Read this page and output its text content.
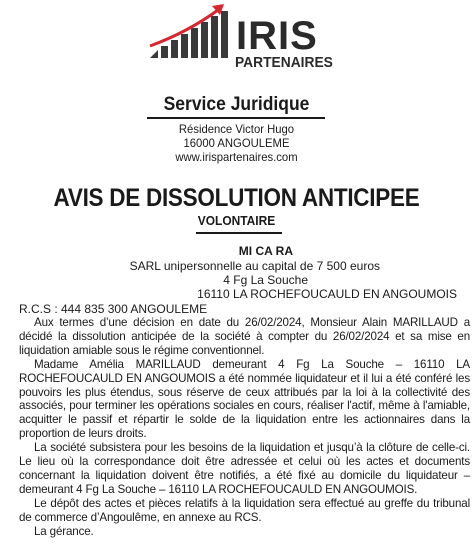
IRIS
PARTENAIRES
Service Juridique
Résidence Victor Hugo
16000 ANGOULEME
www.irispartenaires.com
AVIS DE DISSOLUTION ANTICIPEE
VOLONTAIRE
MI CA RA
SARL unipersonnelle au capital de 7 500 euros
4 Fg La Souche
16110 LA ROCHEFOUCAULD EN ANGOUMOIS
R.C.S : 444 835 300 ANGOULEME

Aux termes d’une décision en date du 26/02/2024, Monsieur Alain MARILLAUD a décidé la dissolution anticipée de la société à compter du 26/02/2024 et sa mise en liquidation amiable sous le régime conventionnel.

Madame Amélia MARILLAUD demeurant 4 Fg La Souche – 16110 LA ROCHEFOUCAULD EN ANGOUMOIS a été nommée liquidateur et il lui a été conféré les pouvoirs les plus étendus, sous réserve de ceux attribués par la loi à la collectivité des associés, pour terminer les opérations sociales en cours, réaliser l'actif, même à l'amiable, acquitter le passif et répartir le solde de la liquidation entre les actionnaires dans la proportion de leurs droits.

La société subsistera pour les besoins de la liquidation et jusqu’à la clôture de celle-ci. Le lieu où la correspondance doit être adressée et celui où les actes et documents concernant la liquidation doivent être notifiés, a été fixé au domicile du liquidateur – demeurant 4 Fg La Souche – 16110 LA ROCHEFOUCAULD EN ANGOUMOIS.

Le dépôt des actes et pièces relatifs à la liquidation sera effectué au greffe du tribunal de commerce d’Angoulême, en annexe au RCS.

La gérance.
